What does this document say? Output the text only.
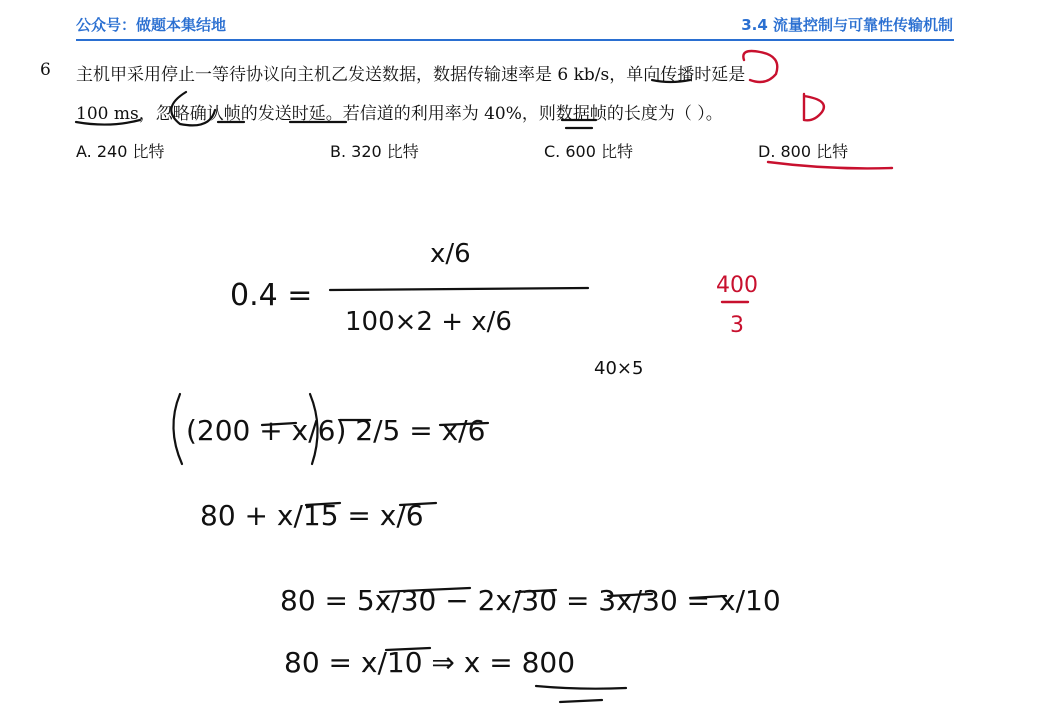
公众号：做题本集结地	3.4 流量控制与可靠性传输机制
6 主机甲采用停止一等待协议向主机乙发送数据，数据传输速率是 6 kb/s，单向传播时延是
100 ms，忽略确认帧的发送时延。若信道的利用率为 40%，则数据帧的长度为（ ）。
A. 240 比特	B. 320 比特	C. 600 比特	D. 800 比特
0.4 =
x/6
100×2 + x/6
400
3
40×5
(200 + x/6) 2/5 = x/6
80 + x/15 = x/6
80 = 5x/30 − 2x/30 = 3x/30 = x/10
80 = x/10 ⇒ x = 800
